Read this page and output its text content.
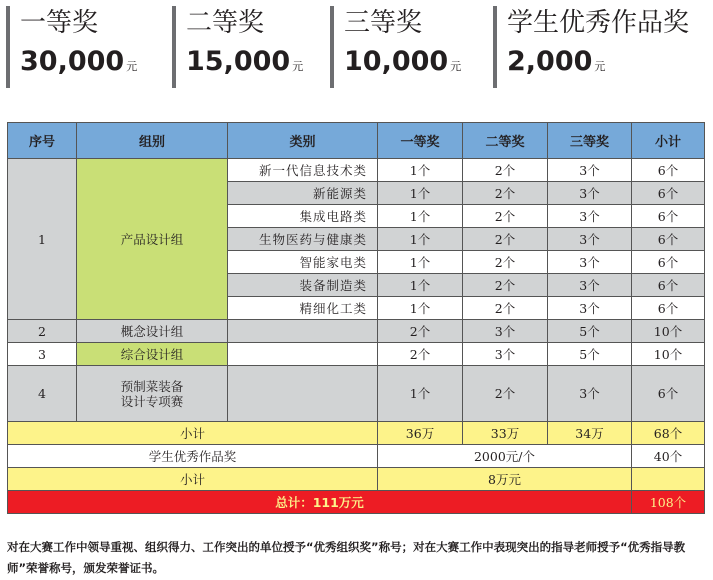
一等奖
30,000 元
二等奖
15,000 元
三等奖
10,000 元
学生优秀作品奖
2,000 元
序号	组别	类别	一等奖	二等奖	三等奖	小计
1	产品设计组	新一代信息技术类	1个	2个	3个	6个
		新能源类	1个	2个	3个	6个
		集成电路类	1个	2个	3个	6个
		生物医药与健康类	1个	2个	3个	6个
		智能家电类	1个	2个	3个	6个
		装备制造类	1个	2个	3个	6个
		精细化工类	1个	2个	3个	6个
2	概念设计组		2个	3个	5个	10个
3	综合设计组		2个	3个	5个	10个
4	预制菜装备
设计专项赛		1个	2个	3个	6个
小计			36万	33万	34万	68个
学生优秀作品奖			2000元/个			40个
小计			8万元			
总计：111万元						108个
对在大赛工作中领导重视、组织得力、工作突出的单位授予“优秀组织奖”称号；对在大赛工作中表现突出的指导老师授予“优秀指导教师”荣誉称号，颁发荣誉证书。
